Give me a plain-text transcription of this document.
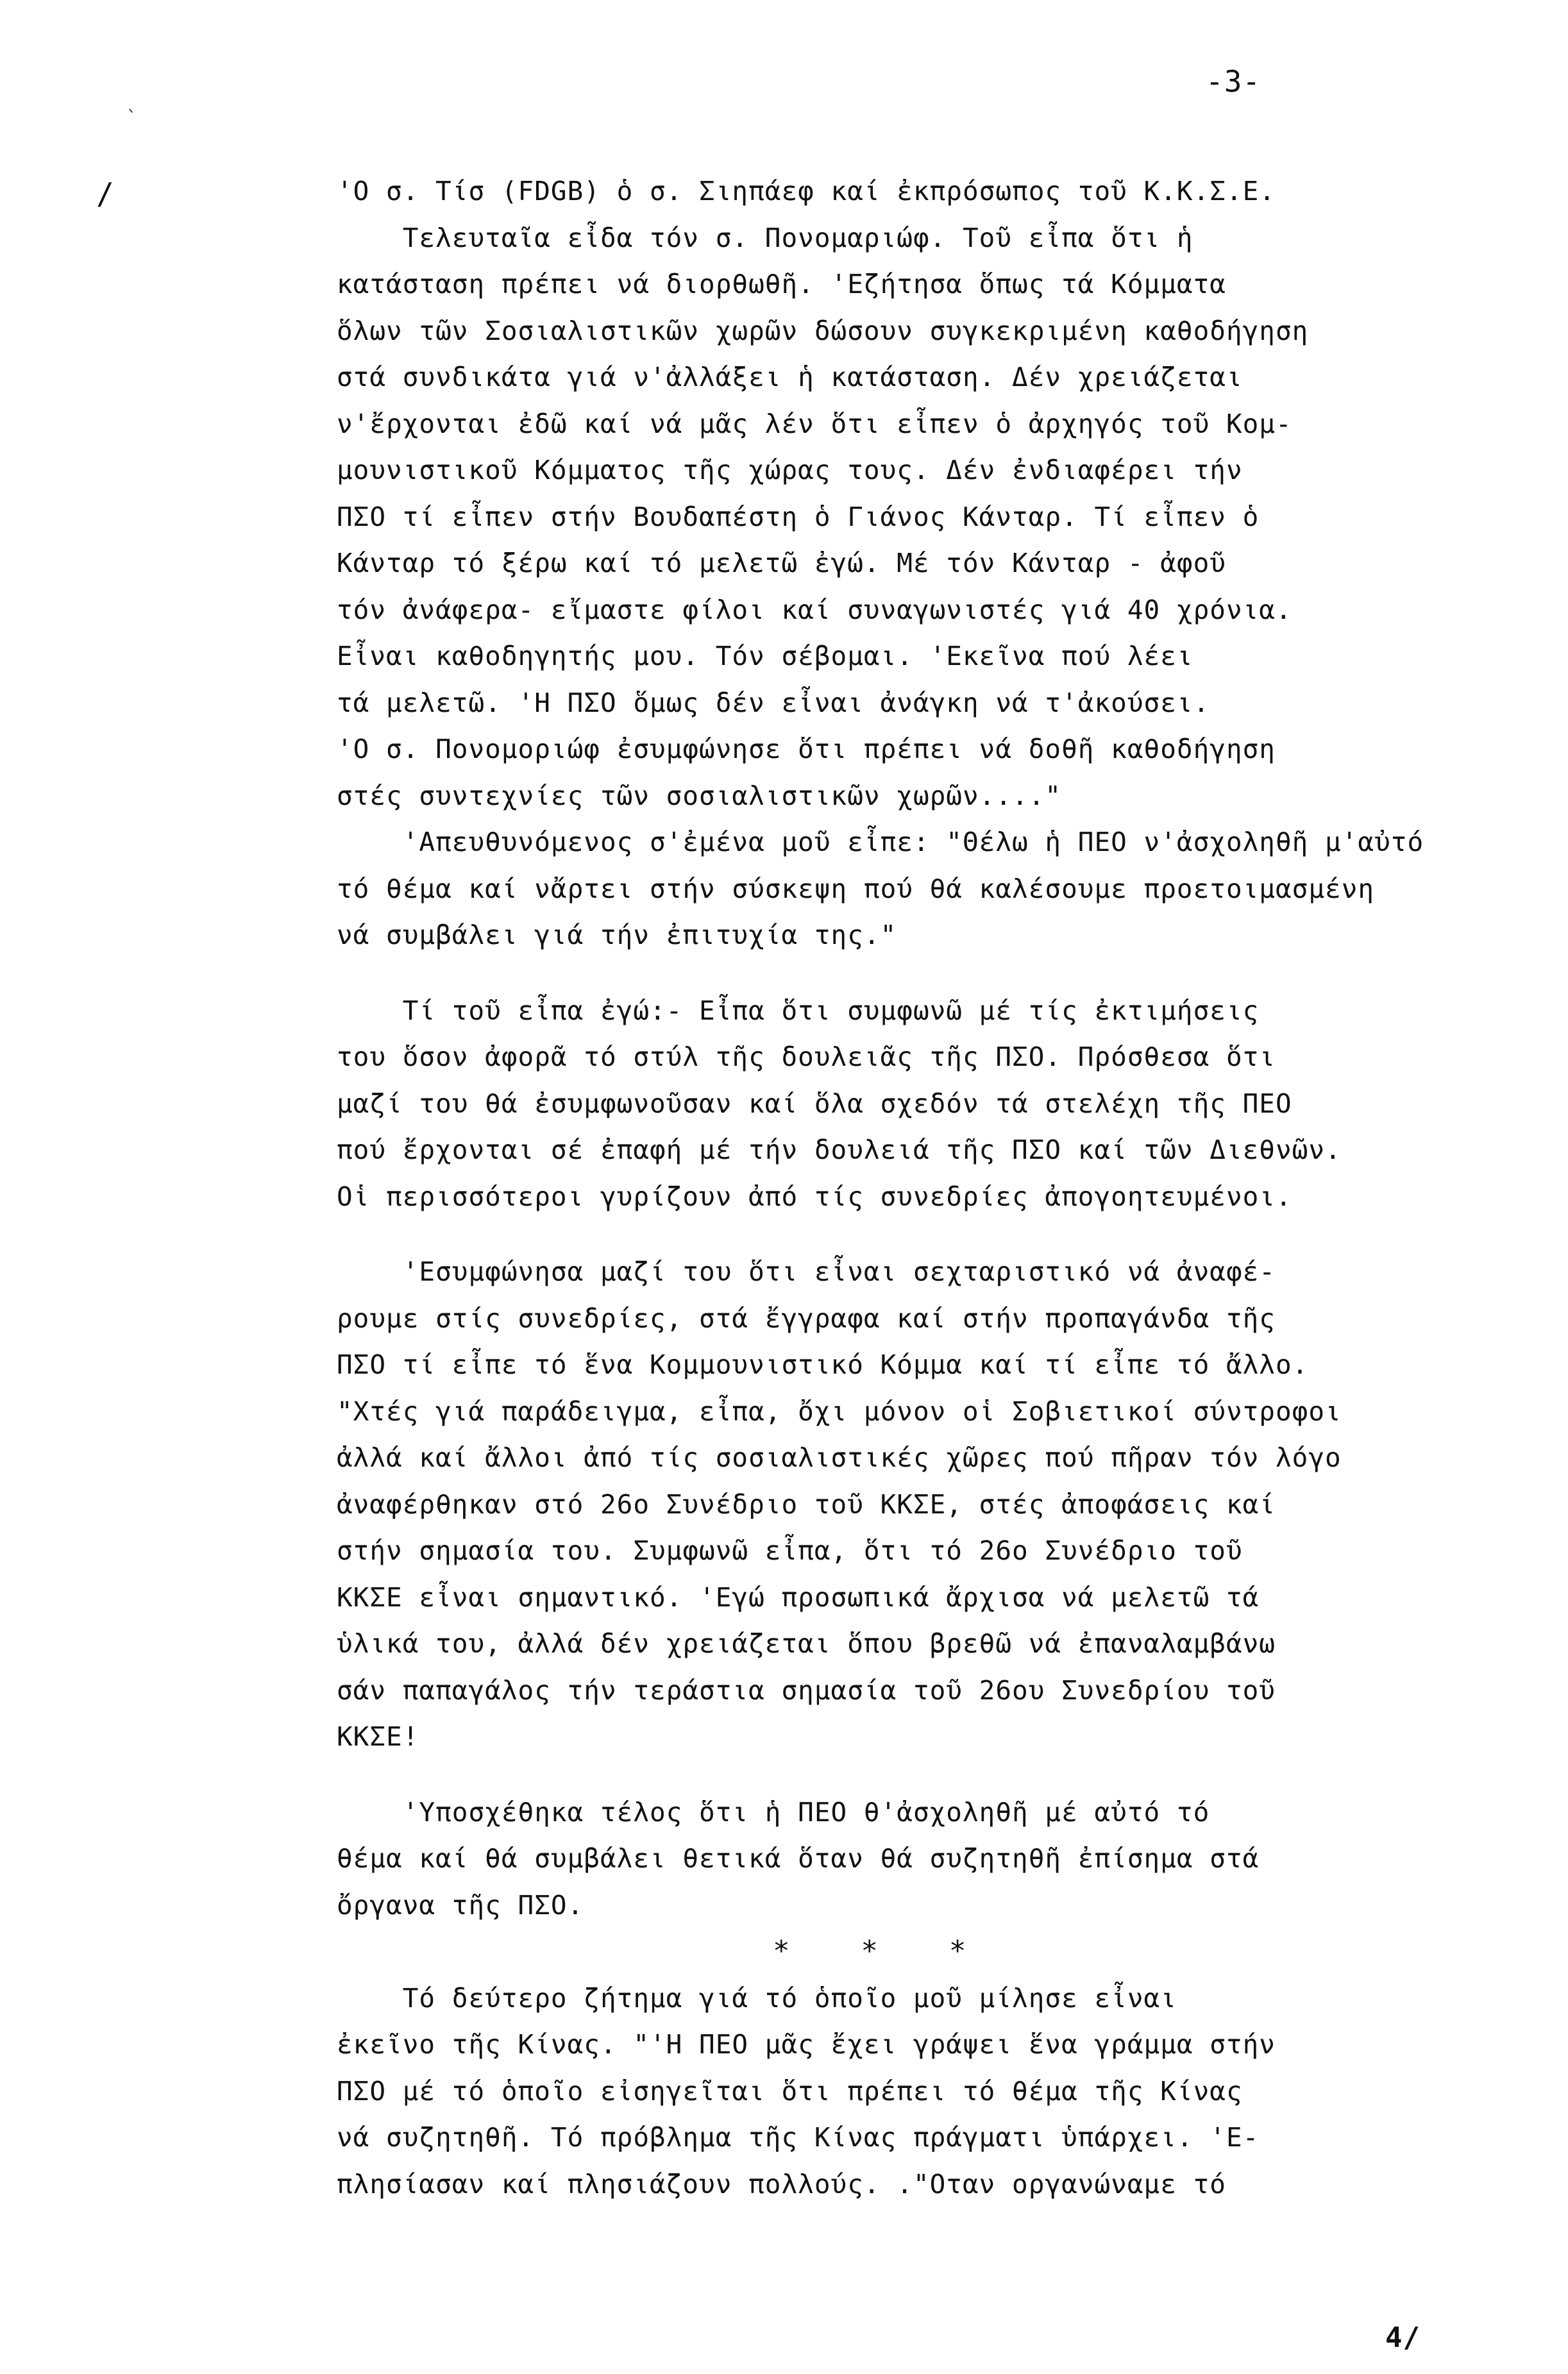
-3-
ˎ
/	'Ο σ. Τίσ (FDGB) ὁ σ. Σιηπάεφ καί ἐκπρόσωπος τοῦ Κ.Κ.Σ.Ε.
Τελευταῖα εἶδα τόν σ. Πονομαριώφ. Τοῦ εἶπα ὅτι ἡ
κατάσταση πρέπει νά διορθωθῆ. 'Εζήτησα ὅπως τά Κόμματα
ὅλων τῶν Σοσιαλιστικῶν χωρῶν δώσουν συγκεκριμένη καθοδήγηση
στά συνδικάτα γιά ν'ἀλλάξει ἡ κατάσταση. Δέν χρειάζεται
ν'ἔρχονται ἐδῶ καί νά μᾶς λέν ὅτι εἶπεν ὁ ἀρχηγός τοῦ Κομ-
μουνιστικοῦ Κόμματος τῆς χώρας τους. Δέν ἐνδιαφέρει τήν
ΠΣΟ τί εἶπεν στήν Βουδαπέστη ὁ Γιάνος Κάνταρ. Τί εἶπεν ὁ
Κάνταρ τό ξέρω καί τό μελετῶ ἐγώ. Μέ τόν Κάνταρ - ἀφοῦ
τόν ἀνάφερα- εἴμαστε φίλοι καί συναγωνιστές γιά 40 χρόνια.
Εἶναι καθοδηγητής μου. Τόν σέβομαι. 'Εκεῖνα πού λέει
τά μελετῶ. 'Η ΠΣΟ ὅμως δέν εἶναι ἀνάγκη νά τ'ἀκούσει.
'Ο σ. Πονομοριώφ ἐσυμφώνησε ὅτι πρέπει νά δοθῆ καθοδήγηση
στές συντεχνίες τῶν σοσιαλιστικῶν χωρῶν...."
'Απευθυνόμενος σ'ἐμένα μοῦ εἶπε: "Θέλω ἡ ΠΕΟ ν'ἀσχοληθῆ μ'αὐτό
τό θέμα καί νἄρτει στήν σύσκεψη πού θά καλέσουμε προετοιμασμένη
νά συμβάλει γιά τήν ἐπιτυχία της."
Τί τοῦ εἶπα ἐγώ:- Εἶπα ὅτι συμφωνῶ μέ τίς ἐκτιμήσεις
του ὅσον ἀφορᾶ τό στύλ τῆς δουλειᾶς τῆς ΠΣΟ. Πρόσθεσα ὅτι
μαζί του θά ἐσυμφωνοῦσαν καί ὅλα σχεδόν τά στελέχη τῆς ΠΕΟ
πού ἔρχονται σέ ἐπαφή μέ τήν δουλειά τῆς ΠΣΟ καί τῶν Διεθνῶν.
Οἱ περισσότεροι γυρίζουν ἀπό τίς συνεδρίες ἀπογοητευμένοι.
'Εσυμφώνησα μαζί του ὅτι εἶναι σεχταριστικό νά ἀναφέ-
ρουμε στίς συνεδρίες, στά ἔγγραφα καί στήν προπαγάνδα τῆς
ΠΣΟ τί εἶπε τό ἕνα Κομμουνιστικό Κόμμα καί τί εἶπε τό ἄλλο.
"Χτές γιά παράδειγμα, εἶπα, ὄχι μόνον οἱ Σοβιετικοί σύντροφοι
ἀλλά καί ἄλλοι ἀπό τίς σοσιαλιστικές χῶρες πού πῆραν τόν λόγο
ἀναφέρθηκαν στό 26ο Συνέδριο τοῦ ΚΚΣΕ, στές ἀποφάσεις καί
στήν σημασία του. Συμφωνῶ εἶπα, ὅτι τό 26ο Συνέδριο τοῦ
ΚΚΣΕ εἶναι σημαντικό. 'Εγώ προσωπικά ἄρχισα νά μελετῶ τά
ὑλικά του, ἀλλά δέν χρειάζεται ὅπου βρεθῶ νά ἐπαναλαμβάνω
σάν παπαγάλος τήν τεράστια σημασία τοῦ 26ου Συνεδρίου τοῦ
ΚΚΣΕ!
'Υποσχέθηκα τέλος ὅτι ἡ ΠΕΟ θ'ἀσχοληθῆ μέ αὐτό τό
θέμα καί θά συμβάλει θετικά ὅταν θά συζητηθῆ ἐπίσημα στά
ὄργανα τῆς ΠΣΟ.
*    *    *
Τό δεύτερο ζήτημα γιά τό ὁποῖο μοῦ μίλησε εἶναι
ἐκεῖνο τῆς Κίνας. "'Η ΠΕΟ μᾶς ἔχει γράψει ἕνα γράμμα στήν
ΠΣΟ μέ τό ὁποῖο εἰσηγεῖται ὅτι πρέπει τό θέμα τῆς Κίνας
νά συζητηθῆ. Τό πρόβλημα τῆς Κίνας πράγματι ὑπάρχει. 'Ε-
πλησίασαν καί πλησιάζουν πολλούς. ."Οταν οργανώναμε τό
4/
